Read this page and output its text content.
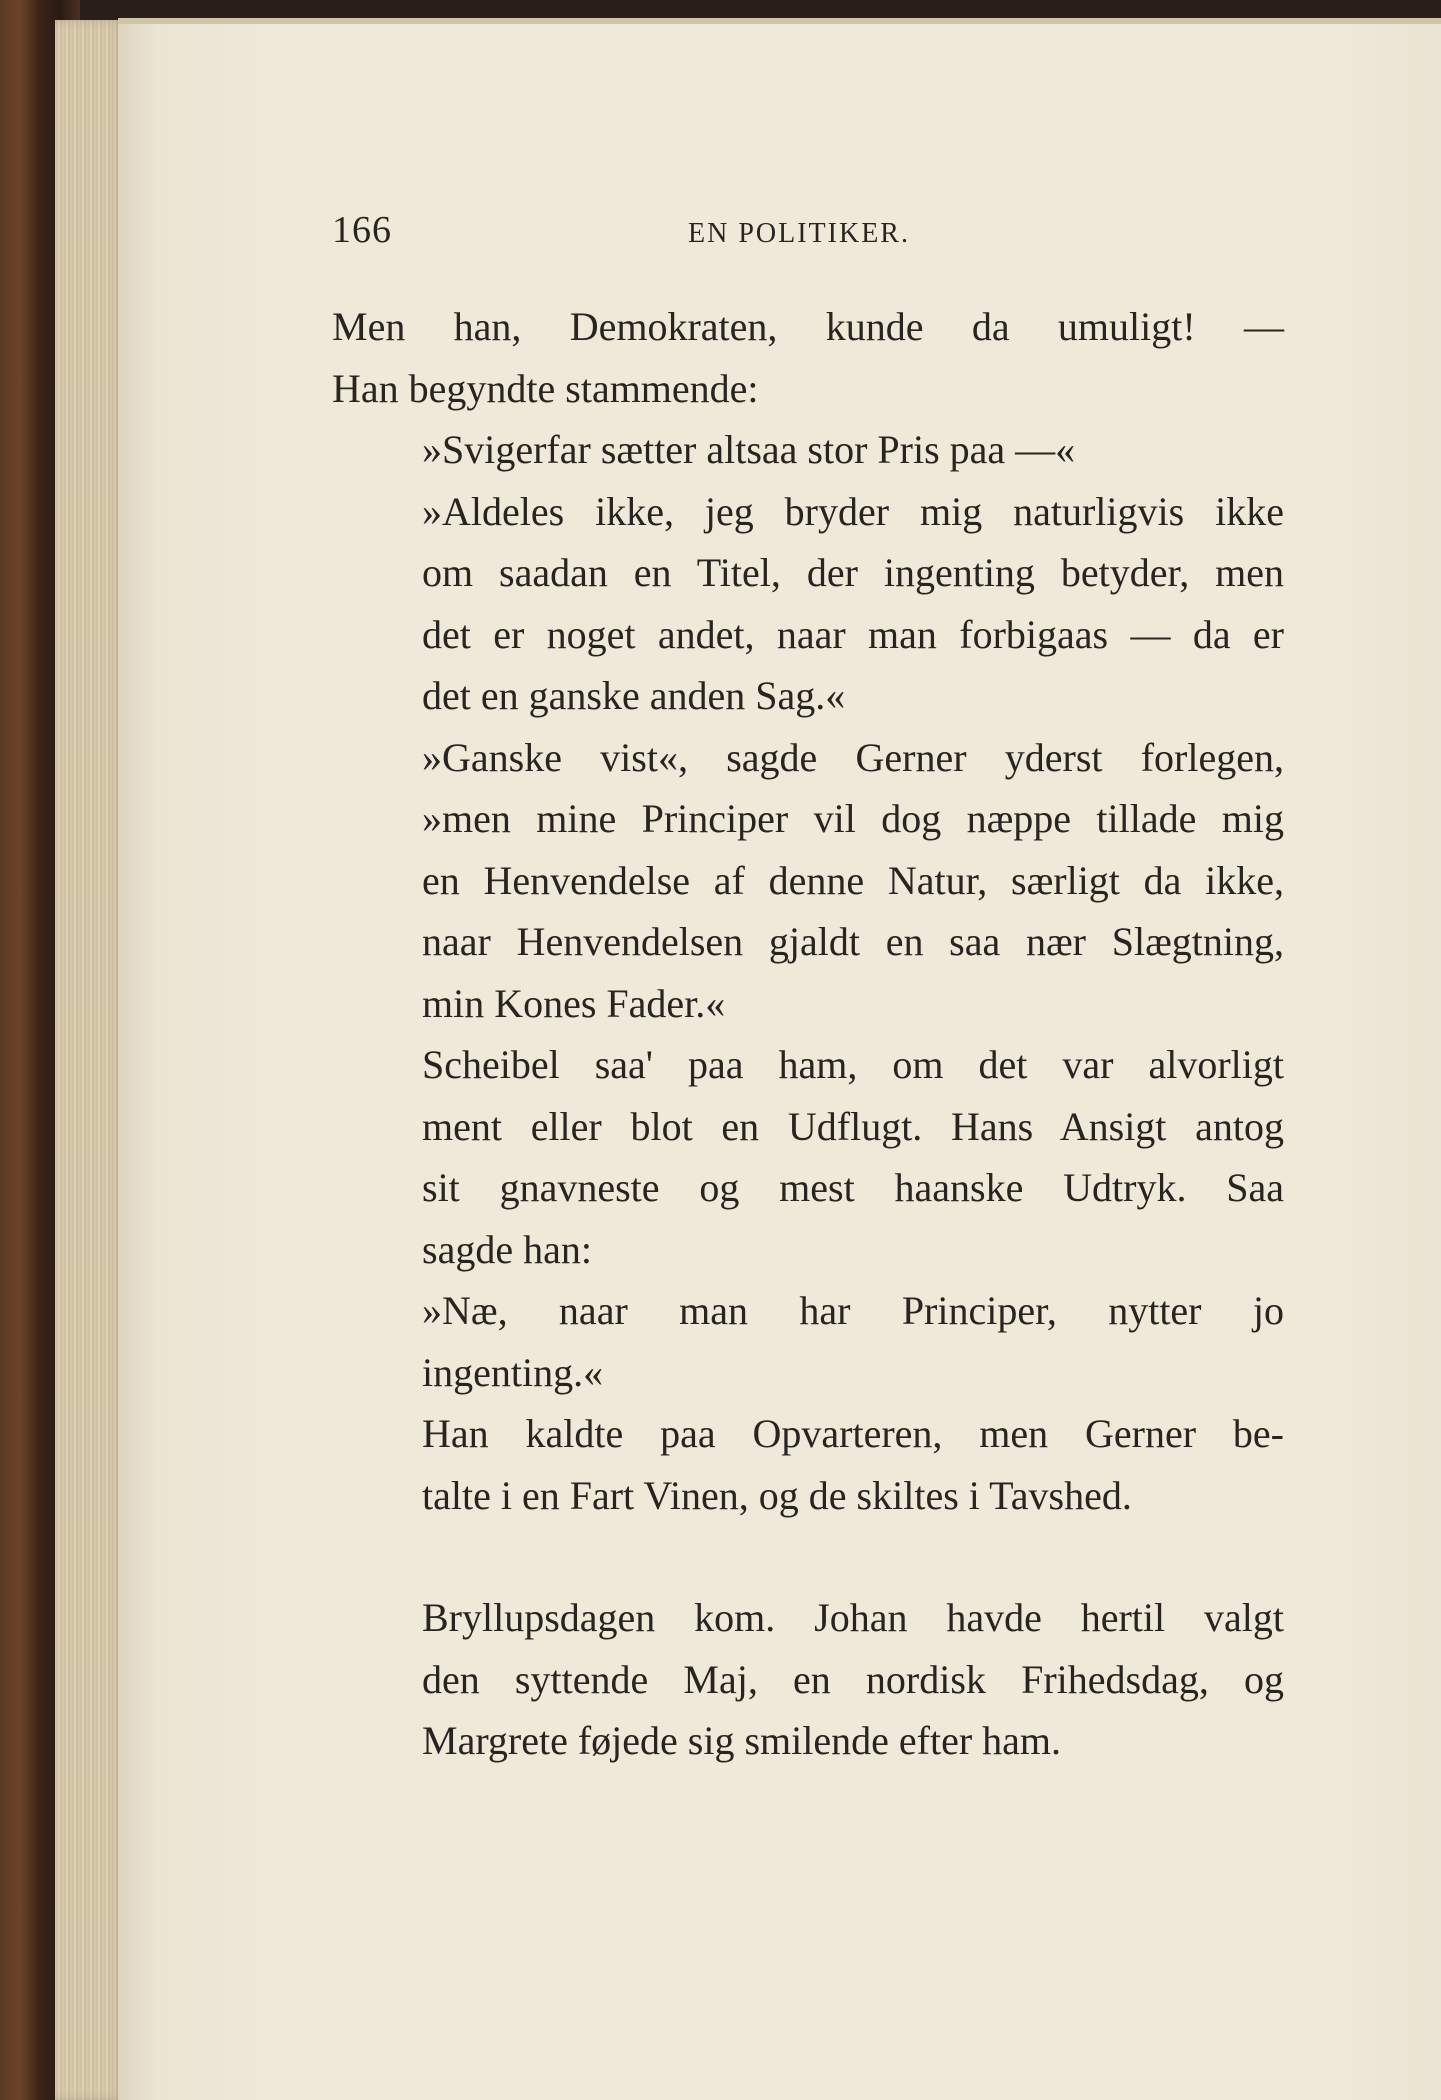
166	EN POLITIKER.

Men han, Demokraten, kunde da umuligt! —
Han begyndte stammende:

»Svigerfar sætter altsaa stor Pris paa —«

»Aldeles ikke, jeg bryder mig naturligvis ikke
om saadan en Titel, der ingenting betyder, men
det er noget andet, naar man forbigaas — da er
det en ganske anden Sag.«

»Ganske vist«, sagde Gerner yderst forlegen,
»men mine Principer vil dog næppe tillade mig
en Henvendelse af denne Natur, særligt da ikke,
naar Henvendelsen gjaldt en saa nær Slægtning,
min Kones Fader.«

Scheibel saa' paa ham, om det var alvorligt
ment eller blot en Udflugt. Hans Ansigt antog
sit gnavneste og mest haanske Udtryk. Saa
sagde han:

»Næ, naar man har Principer, nytter jo
ingenting.«

Han kaldte paa Opvarteren, men Gerner be-
talte i en Fart Vinen, og de skiltes i Tavshed.

Bryllupsdagen kom. Johan havde hertil valgt
den syttende Maj, en nordisk Frihedsdag, og
Margrete føjede sig smilende efter ham.
